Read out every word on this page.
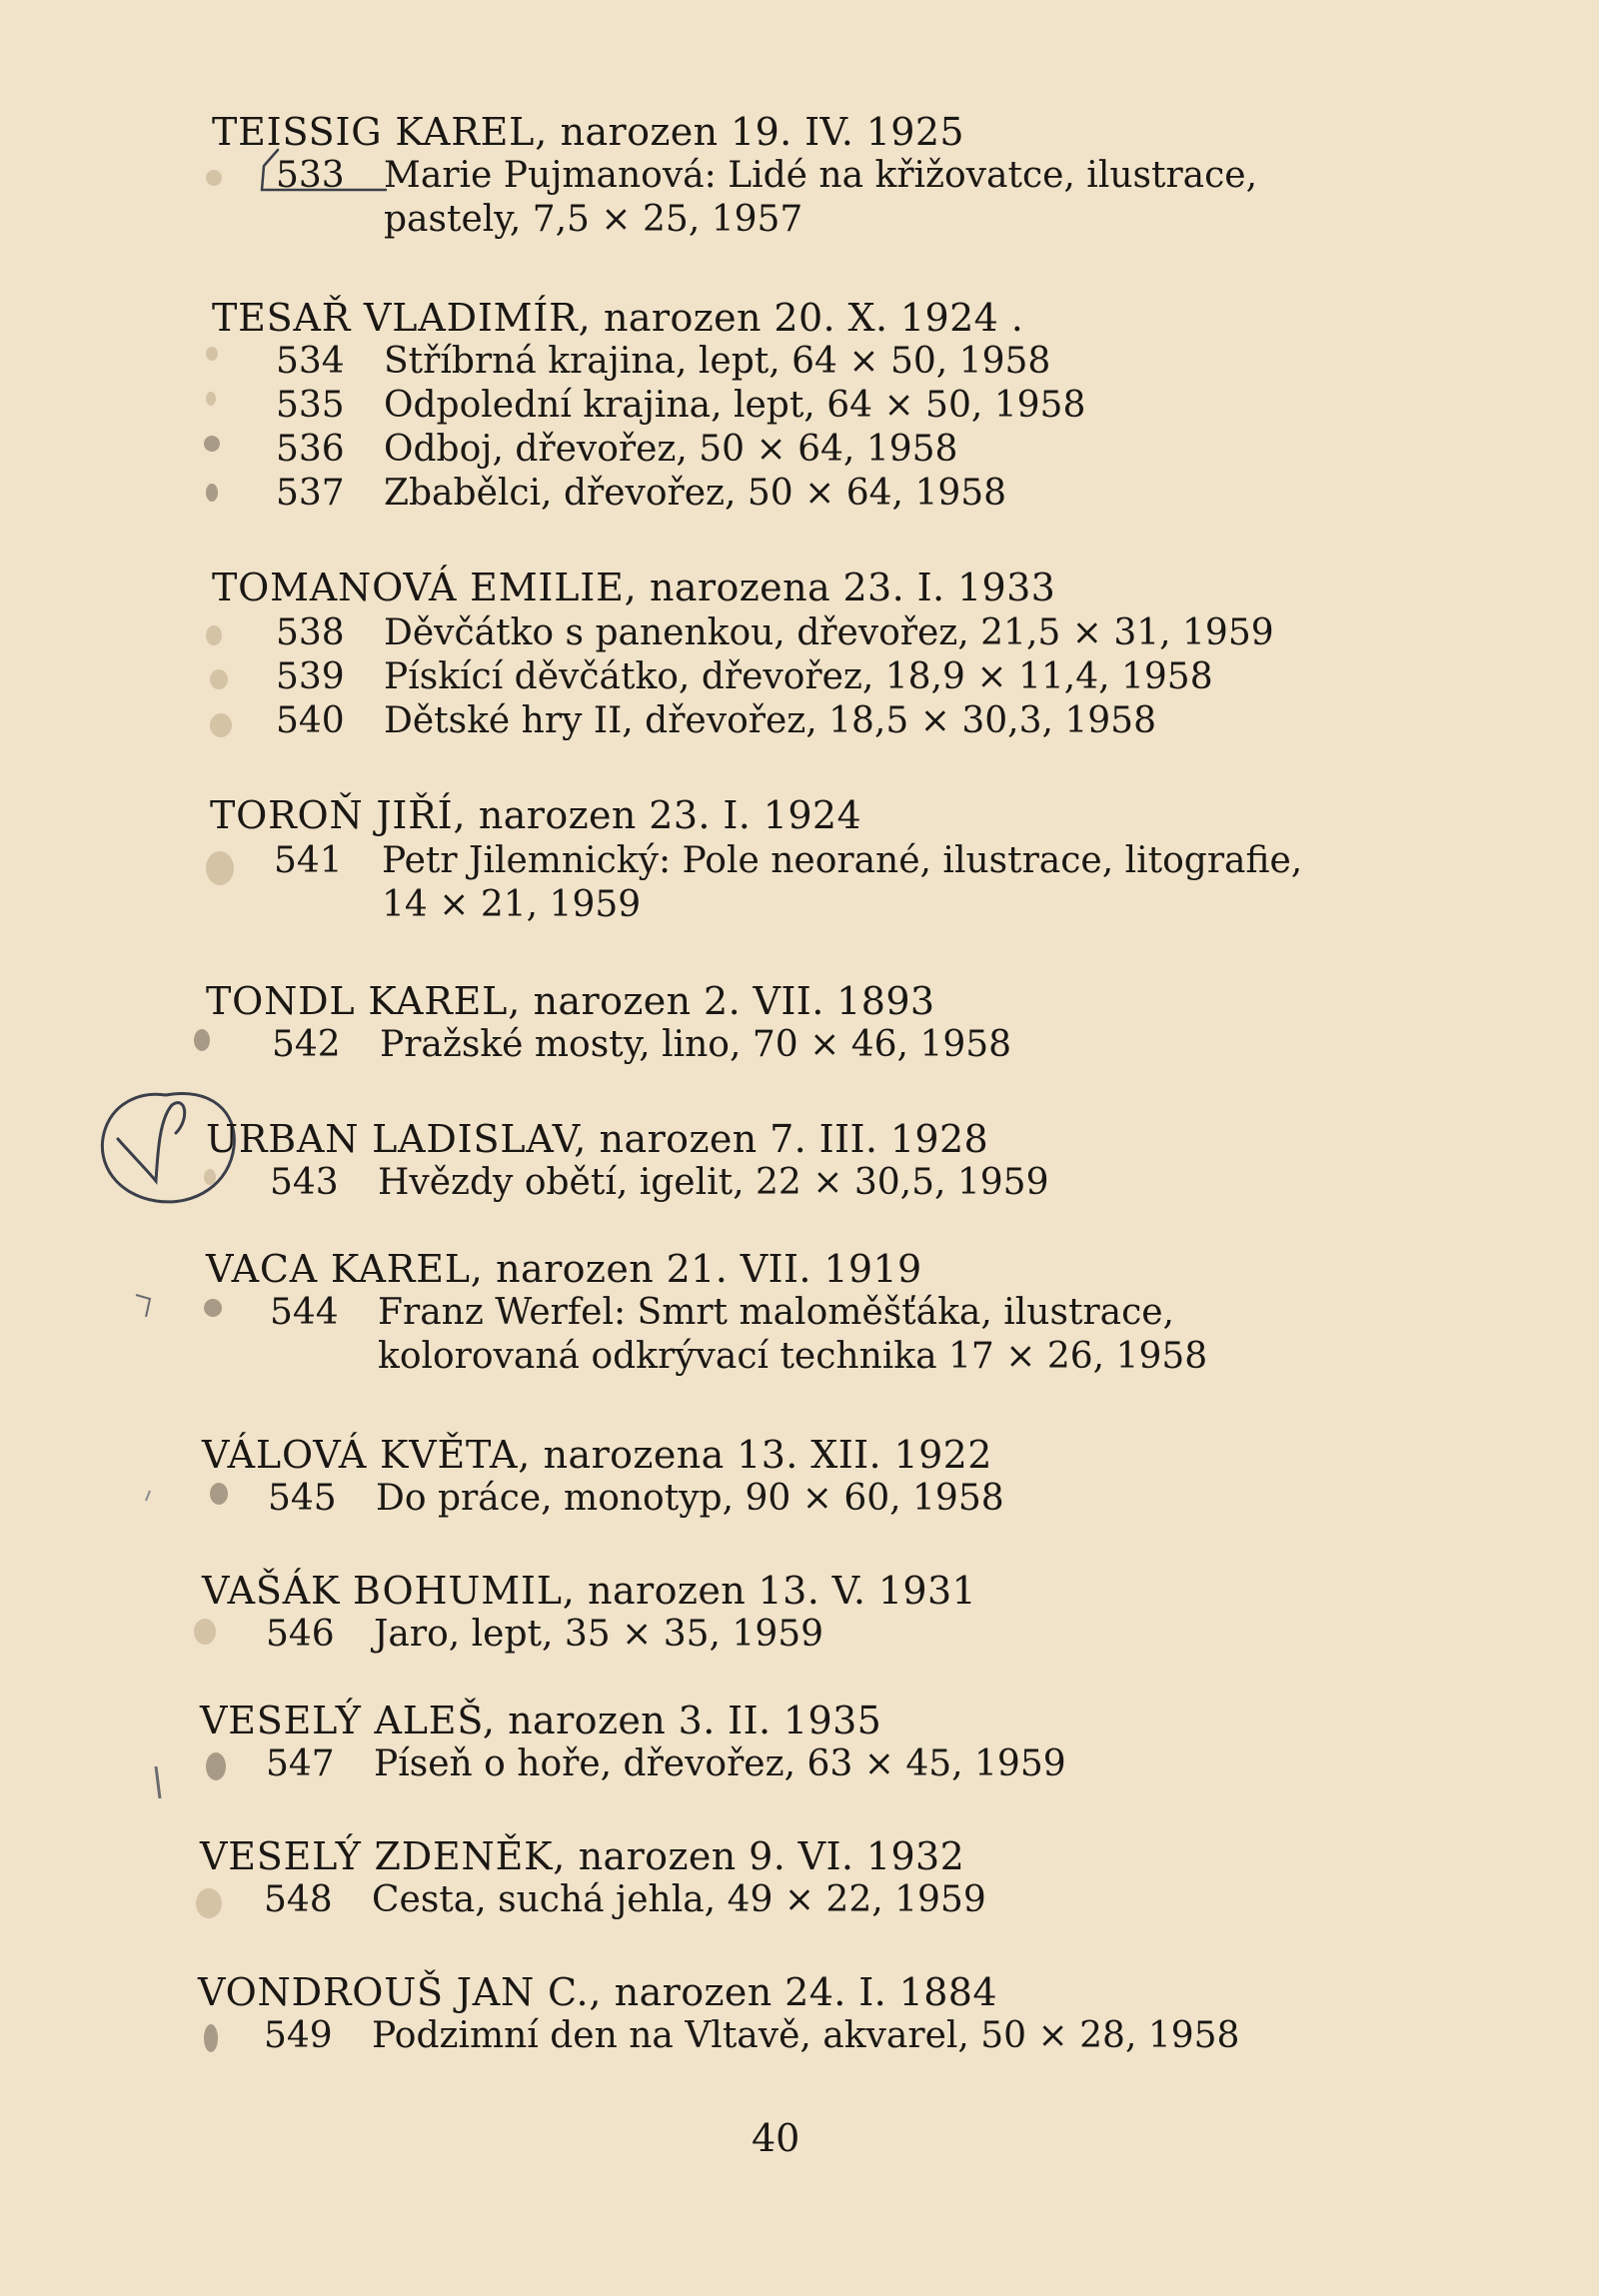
TEISSIG KAREL, narozen 19. IV. 1925
533 Marie Pujmanová: Lidé na křižovatce, ilustrace,
pastely, 7,5 × 25, 1957
TESAŘ VLADIMÍR, narozen 20. X. 1924 .
534 Stříbrná krajina, lept, 64 × 50, 1958
535 Odpolední krajina, lept, 64 × 50, 1958
536 Odboj, dřevořez, 50 × 64, 1958
537 Zbabělci, dřevořez, 50 × 64, 1958
TOMANOVÁ EMILIE, narozena 23. I. 1933
538 Děvčátko s panenkou, dřevořez, 21,5 × 31, 1959
539 Pískící děvčátko, dřevořez, 18,9 × 11,4, 1958
540 Dětské hry II, dřevořez, 18,5 × 30,3, 1958
TOROŇ JIŘÍ, narozen 23. I. 1924
541 Petr Jilemnický: Pole neorané, ilustrace, litografie,
14 × 21, 1959
TONDL KAREL, narozen 2. VII. 1893
542 Pražské mosty, lino, 70 × 46, 1958
URBAN LADISLAV, narozen 7. III. 1928
543 Hvězdy obětí, igelit, 22 × 30,5, 1959
VACA KAREL, narozen 21. VII. 1919
544 Franz Werfel: Smrt maloměšťáka, ilustrace,
kolorovaná odkrývací technika 17 × 26, 1958
VÁLOVÁ KVĚTA, narozena 13. XII. 1922
545 Do práce, monotyp, 90 × 60, 1958
VAŠÁK BOHUMIL, narozen 13. V. 1931
546 Jaro, lept, 35 × 35, 1959
VESELÝ ALEŠ, narozen 3. II. 1935
547 Píseň o hoře, dřevořez, 63 × 45, 1959
VESELÝ ZDENĚK, narozen 9. VI. 1932
548 Cesta, suchá jehla, 49 × 22, 1959
VONDROUŠ JAN C., narozen 24. I. 1884
549 Podzimní den na Vltavě, akvarel, 50 × 28, 1958
40
